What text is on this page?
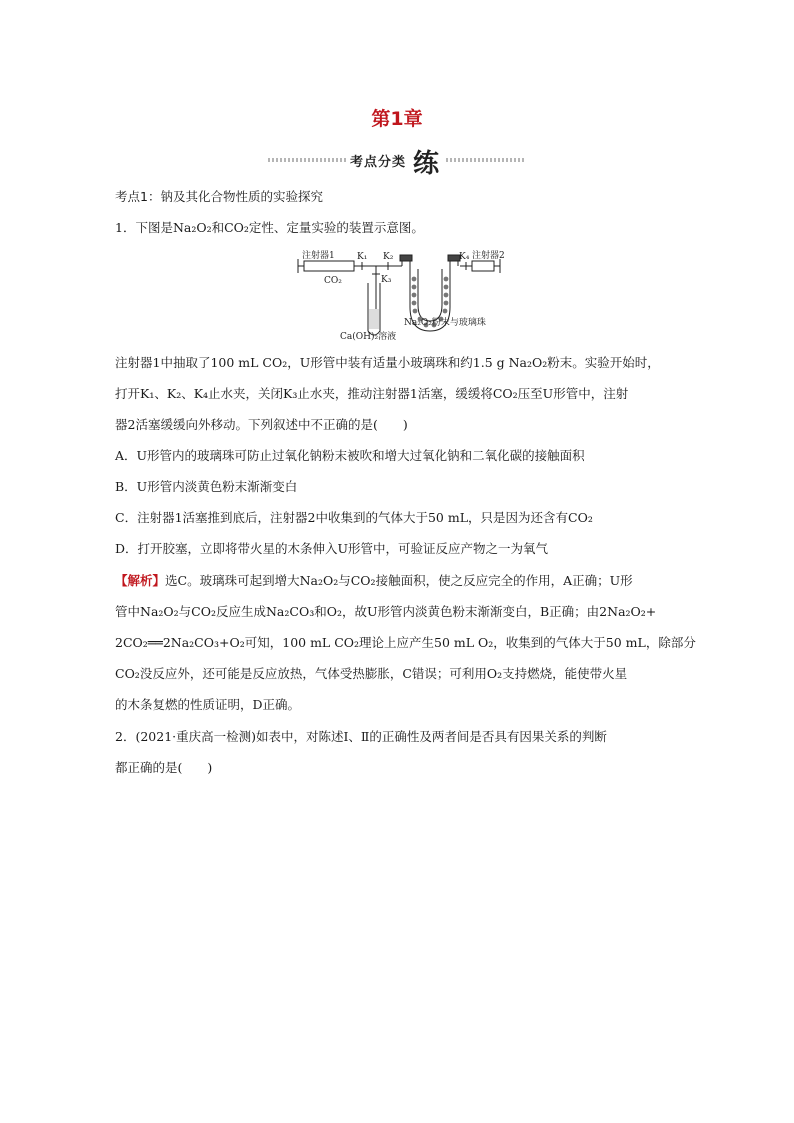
第1章
考点分类 练
考点1：钠及其化合物性质的实验探究
1．下图是Na₂O₂和CO₂定性、定量实验的装置示意图。
注射器1
CO₂
K₁ K₂
K₃
K₄ 注射器2
Na₂O₂粉末与玻璃珠
Ca(OH)₂溶液
注射器1中抽取了100 mL CO₂，U形管中装有适量小玻璃珠和约1.5 g Na₂O₂粉末。实验开始时，
打开K₁、K₂、K₄止水夹，关闭K₃止水夹，推动注射器1活塞，缓缓将CO₂压至U形管中，注射
器2活塞缓缓向外移动。下列叙述中不正确的是(　　)
A．U形管内的玻璃珠可防止过氧化钠粉末被吹和增大过氧化钠和二氧化碳的接触面积
B．U形管内淡黄色粉末渐渐变白
C．注射器1活塞推到底后，注射器2中收集到的气体大于50 mL，只是因为还含有CO₂
D．打开胶塞，立即将带火星的木条伸入U形管中，可验证反应产物之一为氧气
【解析】选C。玻璃珠可起到增大Na₂O₂与CO₂接触面积，使之反应完全的作用，A正确；U形
管中Na₂O₂与CO₂反应生成Na₂CO₃和O₂，故U形管内淡黄色粉末渐渐变白，B正确；由2Na₂O₂+
2CO₂══2Na₂CO₃+O₂可知，100 mL CO₂理论上应产生50 mL O₂，收集到的气体大于50 mL，除部分
CO₂没反应外，还可能是反应放热，气体受热膨胀，C错误；可利用O₂支持燃烧，能使带火星
的木条复燃的性质证明，D正确。
2．(2021·重庆高一检测)如表中，对陈述Ⅰ、Ⅱ的正确性及两者间是否具有因果关系的判断
都正确的是(　　)
